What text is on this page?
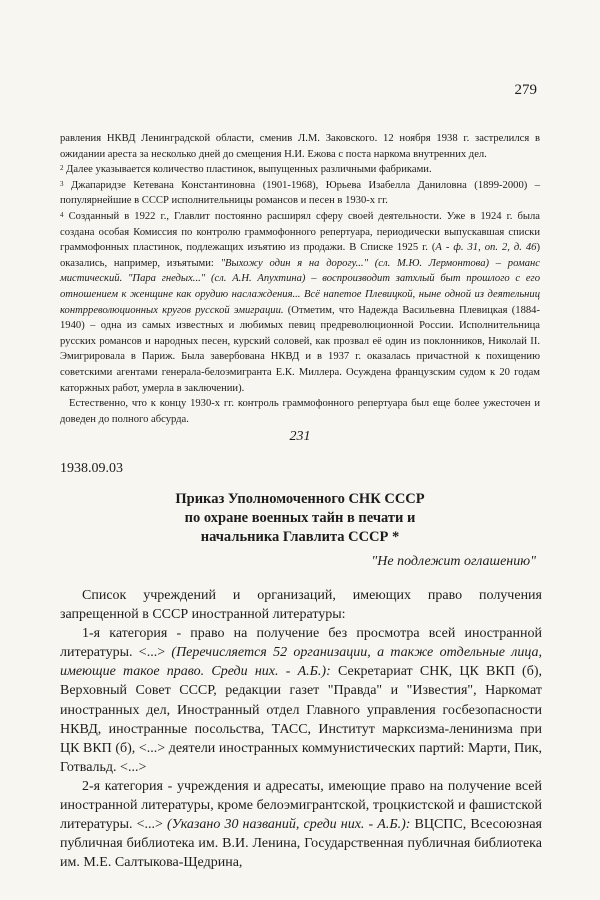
279

равления НКВД Ленинградской области, сменив Л.М. Заковского. 12 ноября 1938 г. застрелился в ожидании ареста за несколько дней до смещения Н.И. Ежова с поста наркома внутренних дел.

$^2$ Далее указывается количество пластинок, выпущенных различными фабриками.

$^3$ Джапаридзе Кетевана Константиновна (1901-1968), Юрьева Изабелла Даниловна (1899-2000) – популярнейшие в СССР исполнительницы романсов и песен в 1930-х гг.

$^4$ Созданный в 1922 г., Главлит постоянно расширял сферу своей деятельности. Уже в 1924 г. была создана особая Комиссия по контролю граммофонного репертуара, периодически выпускавшая списки граммофонных пластинок, подлежащих изъятию из продажи. В Списке 1925 г. (А - ф. 31, оп. 2, д. 46) оказались, например, изъятыми: "Выхожу один я на дорогу..." (сл. М.Ю. Лермонтова) – романс мистический. "Пара гнедых..." (сл. А.Н. Апухтина) – воспроизводит затхлый быт прошлого с его отношением к женщине как орудию наслаждения... Всё напетое Плевицкой, ныне одной из деятельниц контрреволюционных кругов русской эмиграции. (Отметим, что Надежда Васильевна Плевицкая (1884-1940) – одна из самых известных и любимых певиц предреволюционной России. Исполнительница русских романсов и народных песен, курский соловей, как прозвал её один из поклонников, Николай II. Эмигрировала в Париж. Была завербована НКВД и в 1937 г. оказалась причастной к похищению советскими агентами генерала-белоэмигранта Е.К. Миллера. Осуждена французским судом к 20 годам каторжных работ, умерла в заключении).

Естественно, что к концу 1930-х гг. контроль граммофонного репертуара был еще более ужесточен и доведен до полного абсурда.

231
1938.09.03
Приказ Уполномоченного СНК СССР
по охране военных тайн в печати и
начальника Главлита СССР *
"Не подлежит оглашению"

Список учреждений и организаций, имеющих право получения запрещенной в СССР иностранной литературы:

1-я категория - право на получение без просмотра всей иностранной литературы. <...> (Перечисляется 52 организации, а также отдельные лица, имеющие такое право. Среди них. - А.Б.): Секретариат СНК, ЦК ВКП (б), Верховный Совет СССР, редакции газет "Правда" и "Известия", Наркомат иностранных дел, Иностранный отдел Главного управления госбезопасности НКВД, иностранные посольства, ТАСС, Институт марксизма-ленинизма при ЦК ВКП (б), <...> деятели иностранных коммунистических партий: Марти, Пик, Готвальд. <...>

2-я категория - учреждения и адресаты, имеющие право на получение всей иностранной литературы, кроме белоэмигрантской, троцкистской и фашистской литературы. <...> (Указано 30 названий, среди них. - А.Б.): ВЦСПС, Всесоюзная публичная библиотека им. В.И. Ленина, Государственная публичная библиотека им. М.Е. Салтыкова-Щедрина,
